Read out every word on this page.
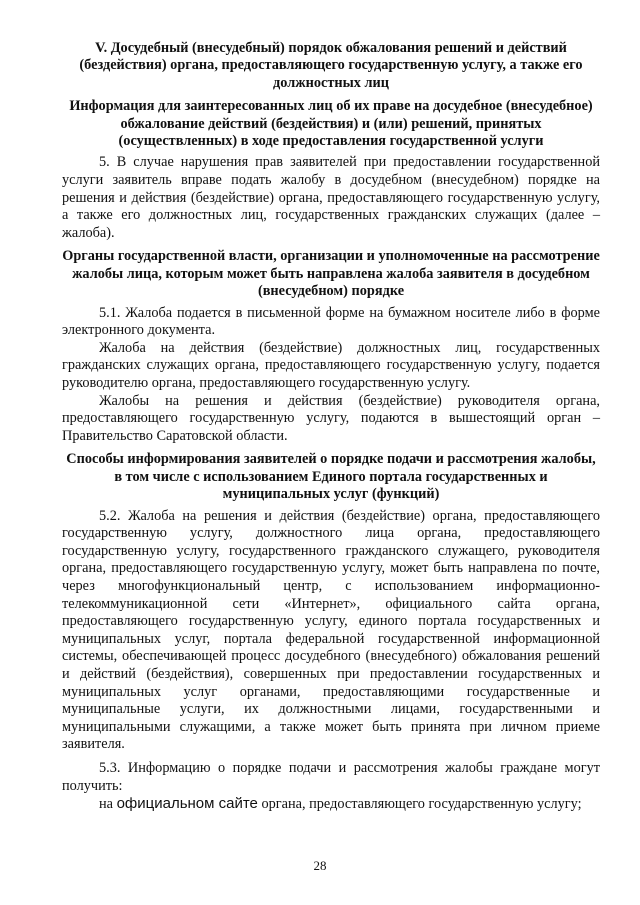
V. Досудебный (внесудебный) порядок обжалования решений и действий (бездействия) органа, предоставляющего государственную услугу, а также его должностных лиц
Информация для заинтересованных лиц об их праве на досудебное (внесудебное) обжалование действий (бездействия) и (или) решений, принятых (осуществленных) в ходе предоставления государственной услуги

5. В случае нарушения прав заявителей при предоставлении государственной услуги заявитель вправе подать жалобу в досудебном (внесудебном) порядке на решения и действия (бездействие) органа, предоставляющего государственную услугу, а также его должностных лиц, государственных гражданских служащих (далее – жалоба).

Органы государственной власти, организации и уполномоченные на рассмотрение жалобы лица, которым может быть направлена жалоба заявителя в досудебном (внесудебном) порядке

5.1. Жалоба подается в письменной форме на бумажном носителе либо в форме электронного документа.

Жалоба на действия (бездействие) должностных лиц, государственных гражданских служащих органа, предоставляющего государственную услугу, подается руководителю органа, предоставляющего государственную услугу.

Жалобы на решения и действия (бездействие) руководителя органа, предоставляющего государственную услугу, подаются в вышестоящий орган – Правительство Саратовской области.

Способы информирования заявителей о порядке подачи и рассмотрения жалобы, в том числе с использованием Единого портала государственных и муниципальных услуг (функций)

5.2. Жалоба на решения и действия (бездействие) органа, предоставляющего государственную услугу, должностного лица органа, предоставляющего государственную услугу, государственного гражданского служащего, руководителя органа, предоставляющего государственную услугу, может быть направлена по почте, через многофункциональный центр, с использованием информационно-телекоммуникационной сети «Интернет», официального сайта органа, предоставляющего государственную услугу, единого портала государственных и муниципальных услуг, портала федеральной государственной информационной системы, обеспечивающей процесс досудебного (внесудебного) обжалования решений и действий (бездействия), совершенных при предоставлении государственных и муниципальных услуг органами, предоставляющими государственные и муниципальные услуги, их должностными лицами, государственными и муниципальными служащими, а также может быть принята при личном приеме заявителя.

5.3. Информацию о порядке подачи и рассмотрения жалобы граждане могут получить:

на официальном сайте органа, предоставляющего государственную услугу;

28
